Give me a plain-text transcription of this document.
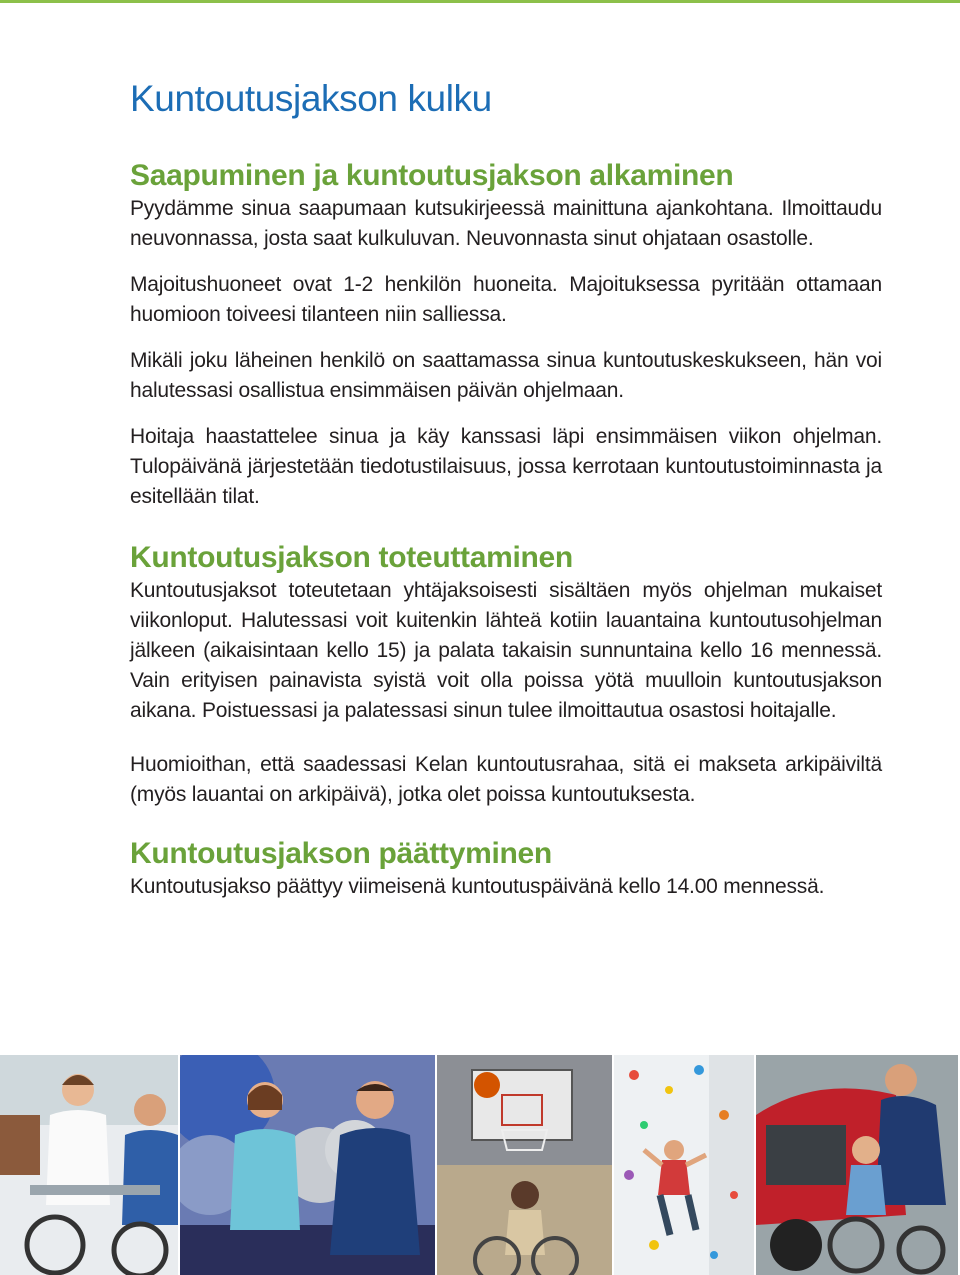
Kuntoutusjakson kulku
Saapuminen ja kuntoutusjakson alkaminen

Pyydämme sinua saapumaan kutsukirjeessä mainittuna ajankohtana. Ilmoittaudu neuvonnassa, josta saat kulkuluvan. Neuvonnasta sinut ohjataan osastolle.

Majoitushuoneet ovat 1-2 henkilön huoneita. Majoituksessa pyritään ottamaan huomioon toiveesi tilanteen niin salliessa.

Mikäli joku läheinen henkilö on saattamassa sinua kuntoutuskeskukseen, hän voi halutessasi osallistua ensimmäisen päivän ohjelmaan.

Hoitaja haastattelee sinua ja käy kanssasi läpi ensimmäisen viikon ohjelman. Tulopäivänä järjestetään tiedotustilaisuus, jossa kerrotaan kuntoutustoiminnasta ja esitellään tilat.

Kuntoutusjakson toteuttaminen

Kuntoutusjaksot toteutetaan yhtäjaksoisesti sisältäen myös ohjelman mukaiset viikonloput. Halutessasi voit kuitenkin lähteä kotiin lauantaina kuntoutusohjelman jälkeen (aikaisintaan kello 15) ja palata takaisin sunnuntaina kello 16 mennessä. Vain erityisen painavista syistä voit olla poissa yötä muulloin kuntoutusjakson aikana. Poistuessasi ja palatessasi sinun tulee ilmoittautua osastosi hoitajalle.

Huomioithan, että saadessasi Kelan kuntoutusrahaa, sitä ei makseta arkipäiviltä (myös lauantai on arkipäivä), jotka olet poissa kuntoutuksesta.

Kuntoutusjakson päättyminen

Kuntoutusjakso päättyy viimeisenä kuntoutuspäivänä kello 14.00 mennessä.
